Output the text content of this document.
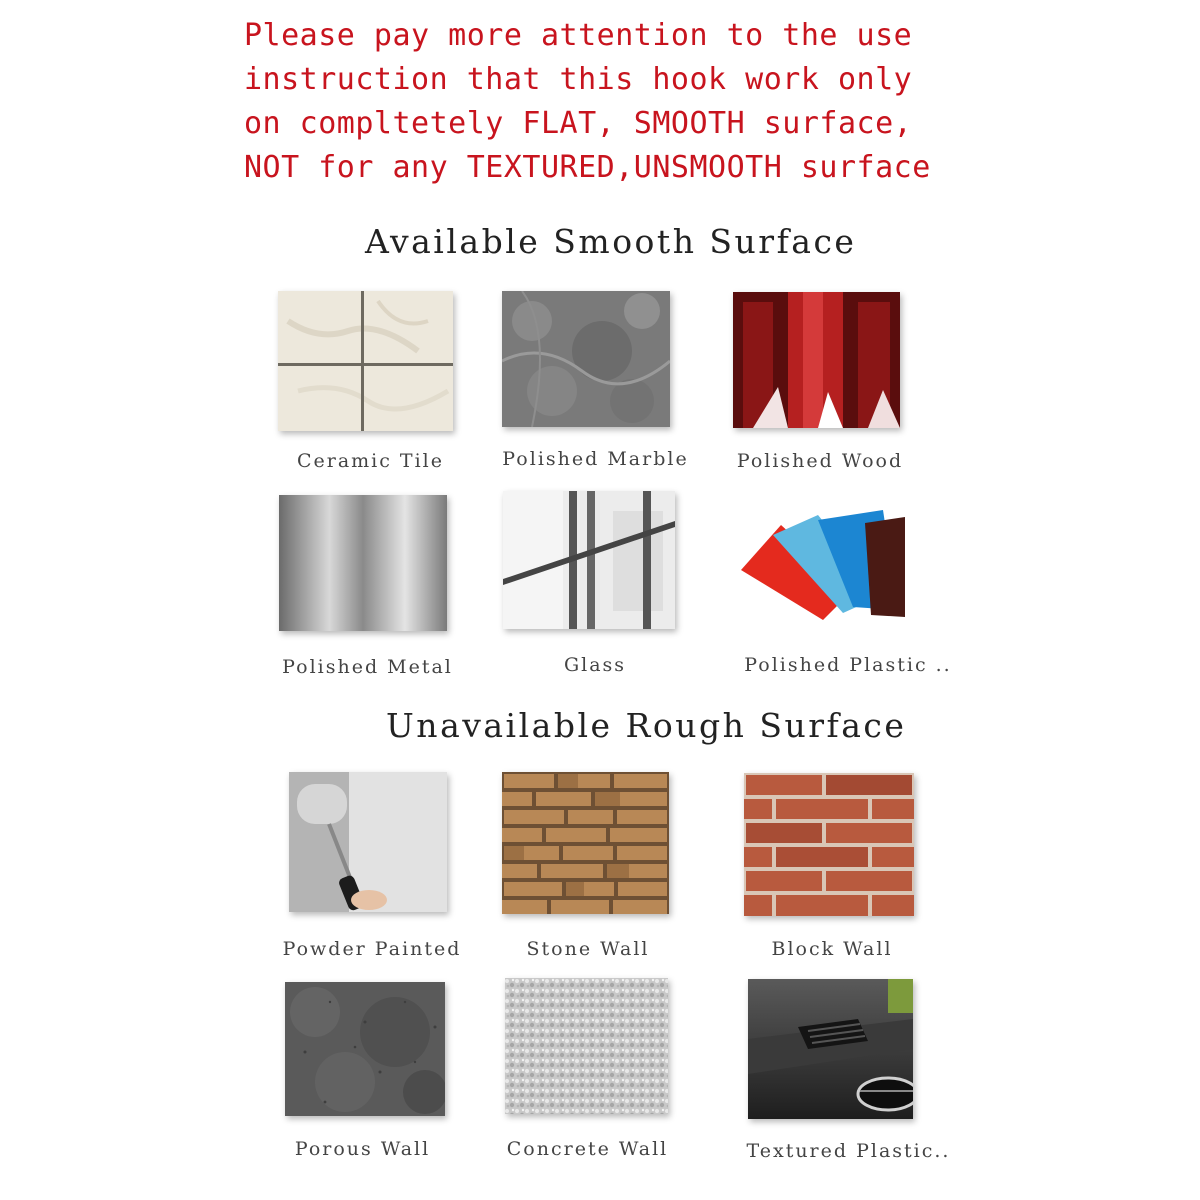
Please pay more attention to the use

instruction that this hook work only

on compltetely FLAT, SMOOTH surface,

NOT for any TEXTURED,UNSMOOTH surface

Available Smooth Surface
Ceramic Tile	Polished Marble	Polished Wood
Polished Metal	Glass	Polished Plastic ..
Unavailable Rough Surface
Powder Painted	Stone Wall	Block Wall
Porous Wall	Concrete Wall	Textured Plastic..
